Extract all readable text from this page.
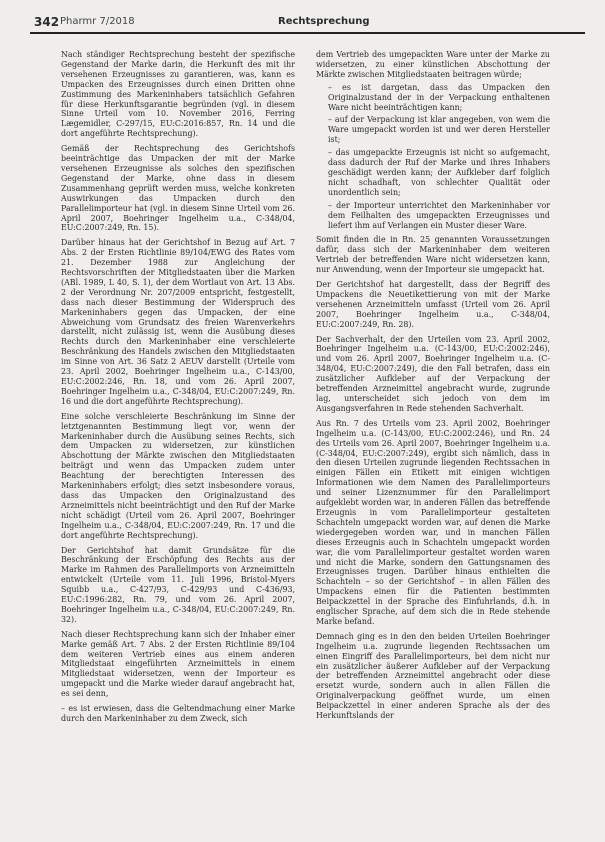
342 Pharmr 7/2018	Rechtsprechung

Nach ständiger Rechtsprechung besteht der spezifische Gegenstand der Marke darin, die Herkunft des mit ihr versehenen Erzeugnisses zu garantieren, was, kann es Umpacken des Erzeugnisses durch einen Dritten ohne Zustimmung des Markeninhabers tatsächlich Gefahren für diese Herkunftsgarantie begründen (vgl. in diesem Sinne Urteil vom 10. November 2016, Ferring Lægemidler, C-297/15, EU:C:2016:857, Rn. 14 und die dort angeführte Rechtsprechung).

Gemäß der Rechtsprechung des Gerichtshofs beeinträchtige das Umpacken der mit der Marke versehenen Erzeugnisse als solches den spezifischen Gegenstand der Marke, ohne dass in diesem Zusammenhang geprüft werden muss, welche konkreten Auswirkungen das Umpacken durch den Parallelimporteur hat (vgl. in diesem Sinne Urteil vom 26. April 2007, Boehringer Ingelheim u.a., C-348/04, EU:C:2007:249, Rn. 15).

Darüber hinaus hat der Gerichtshof in Bezug auf Art. 7 Abs. 2 der Ersten Richtlinie 89/104/EWG des Rates vom 21. Dezember 1988 zur Angleichung der Rechtsvorschriften der Mitgliedstaaten über die Marken (ABl. 1989, L 40, S. 1), der dem Wortlaut von Art. 13 Abs. 2 der Verordnung Nr. 207/2009 entspricht, festgestellt, dass nach dieser Bestimmung der Widerspruch des Markeninhabers gegen das Umpacken, der eine Abweichung vom Grundsatz des freien Warenverkehrs darstellt, nicht zulässig ist, wenn die Ausübung dieses Rechts durch den Markeninhaber eine verschleierte Beschränkung des Handels zwischen den Mitgliedstaaten im Sinne von Art. 36 Satz 2 AEUV darstellt (Urteile vom 23. April 2002, Boehringer Ingelheim u.a., C-143/00, EU:C:2002:246, Rn. 18, und vom 26. April 2007, Boehringer Ingelheim u.a., C-348/04, EU:C:2007:249, Rn. 16 und die dort angeführte Rechtsprechung).

Eine solche verschleierte Beschränkung im Sinne der letztgenannten Bestimmung liegt vor, wenn der Markeninhaber durch die Ausübung seines Rechts, sich dem Umpacken zu widersetzen, zur künstlichen Abschottung der Märkte zwischen den Mitgliedstaaten beiträgt und wenn das Umpacken zudem unter Beachtung der berechtigten Interessen des Markeninhabers erfolgt; dies setzt insbesondere voraus, dass das Umpacken den Originalzustand des Arzneimittels nicht beeinträchtigt und den Ruf der Marke nicht schädigt (Urteil vom 26. April 2007, Boehringer Ingelheim u.a., C-348/04, EU:C:2007:249, Rn. 17 und die dort angeführte Rechtsprechung).

Der Gerichtshof hat damit Grundsätze für die Beschränkung der Erschöpfung des Rechts aus der Marke im Rahmen des Parallelimports von Arzneimitteln entwickelt (Urteile vom 11. Juli 1996, Bristol-Myers Squibb u.a., C-427/93, C-429/93 und C-436/93, EU:C:1996:282, Rn. 79, und vom 26. April 2007, Boehringer Ingelheim u.a., C-348/04, EU:C:2007:249, Rn. 32).

Nach dieser Rechtsprechung kann sich der Inhaber einer Marke gemäß Art. 7 Abs. 2 der Ersten Richtlinie 89/104 dem weiteren Vertrieb eines aus einem anderen Mitgliedstaat eingeführten Arzneimittels in einem Mitgliedstaat widersetzen, wenn der Importeur es umgepackt und die Marke wieder darauf angebracht hat, es sei denn,

– es ist erwiesen, dass die Geltendmachung einer Marke durch den Markeninhaber zu dem Zweck, sich

dem Vertrieb des umgepackten Ware unter der Marke zu widersetzen, zu einer künstlichen Abschottung der Märkte zwischen Mitgliedstaaten beitragen würde;

– es ist dargetan, dass das Umpacken den Originalzustand der in der Verpackung enthaltenen Ware nicht beeinträchtigen kann;

– auf der Verpackung ist klar angegeben, von wem die Ware umgepackt worden ist und wer deren Hersteller ist;

– das umgepackte Erzeugnis ist nicht so aufgemacht, dass dadurch der Ruf der Marke und ihres Inhabers geschädigt werden kann; der Aufkleber darf folglich nicht schadhaft, von schlechter Qualität oder unordentlich sein;

– der Importeur unterrichtet den Markeninhaber vor dem Feilhalten des umgepackten Erzeugnisses und liefert ihm auf Verlangen ein Muster dieser Ware.

Somit finden die in Rn. 25 genannten Voraussetzungen dafür, dass sich der Markeninhaber dem weiteren Vertrieb der betreffenden Ware nicht widersetzen kann, nur Anwendung, wenn der Importeur sie umgepackt hat.

Der Gerichtshof hat dargestellt, dass der Begriff des Umpackens die Neuetikettierung von mit der Marke versehenen Arzneimitteln umfasst (Urteil vom 26. April 2007, Boehringer Ingelheim u.a., C-348/04, EU:C:2007:249, Rn. 28).

Der Sachverhalt, der den Urteilen vom 23. April 2002, Boehringer Ingelheim u.a. (C-143/00, EU:C:2002:246), und vom 26. April 2007, Boehringer Ingelheim u.a. (C-348/04, EU:C:2007:249), die den Fall betrafen, dass ein zusätzlicher Aufkleber auf der Verpackung der betreffenden Arzneimittel angebracht wurde, zugrunde lag, unterscheidet sich jedoch von dem im Ausgangsverfahren in Rede stehenden Sachverhalt.

Aus Rn. 7 des Urteils vom 23. April 2002, Boehringer Ingelheim u.a. (C-143/00, EU:C:2002:246), und Rn. 24 des Urteils vom 26. April 2007, Boehringer Ingelheim u.a. (C-348/04, EU:C:2007:249), ergibt sich nämlich, dass in den diesen Urteilen zugrunde liegenden Rechtssachen in einigen Fällen ein Etikett mit einigen wichtigen Informationen wie dem Namen des Parallelimporteurs und seiner Lizenznummer für den Parallelimport aufgeklebt worden war, in anderen Fällen das betreffende Erzeugnis in vom Parallelimporteur gestalteten Schachteln umgepackt worden war, auf denen die Marke wiedergegeben worden war, und in manchen Fällen dieses Erzeugnis auch in Schachteln umgepackt worden war, die vom Parallelimporteur gestaltet worden waren und nicht die Marke, sondern den Gattungsnamen des Erzeugnisses trugen. Darüber hinaus enthielten die Schachteln – so der Gerichtshof – in allen Fällen des Umpackens einen für die Patienten bestimmten Beipackzettel in der Sprache des Einfuhrlands, d.h. in englischer Sprache, auf dem sich die in Rede stehende Marke befand.

Demnach ging es in den den beiden Urteilen Boehringer Ingelheim u.a. zugrunde liegenden Rechtssachen um einen Eingriff des Parallelimporteurs, bei dem nicht nur ein zusätzlicher äußerer Aufkleber auf der Verpackung der betreffenden Arzneimittel angebracht oder diese ersetzt wurde, sondern auch in allen Fällen die Originalverpackung geöffnet wurde, um einen Beipackzettel in einer anderen Sprache als der des Herkunftslands der
